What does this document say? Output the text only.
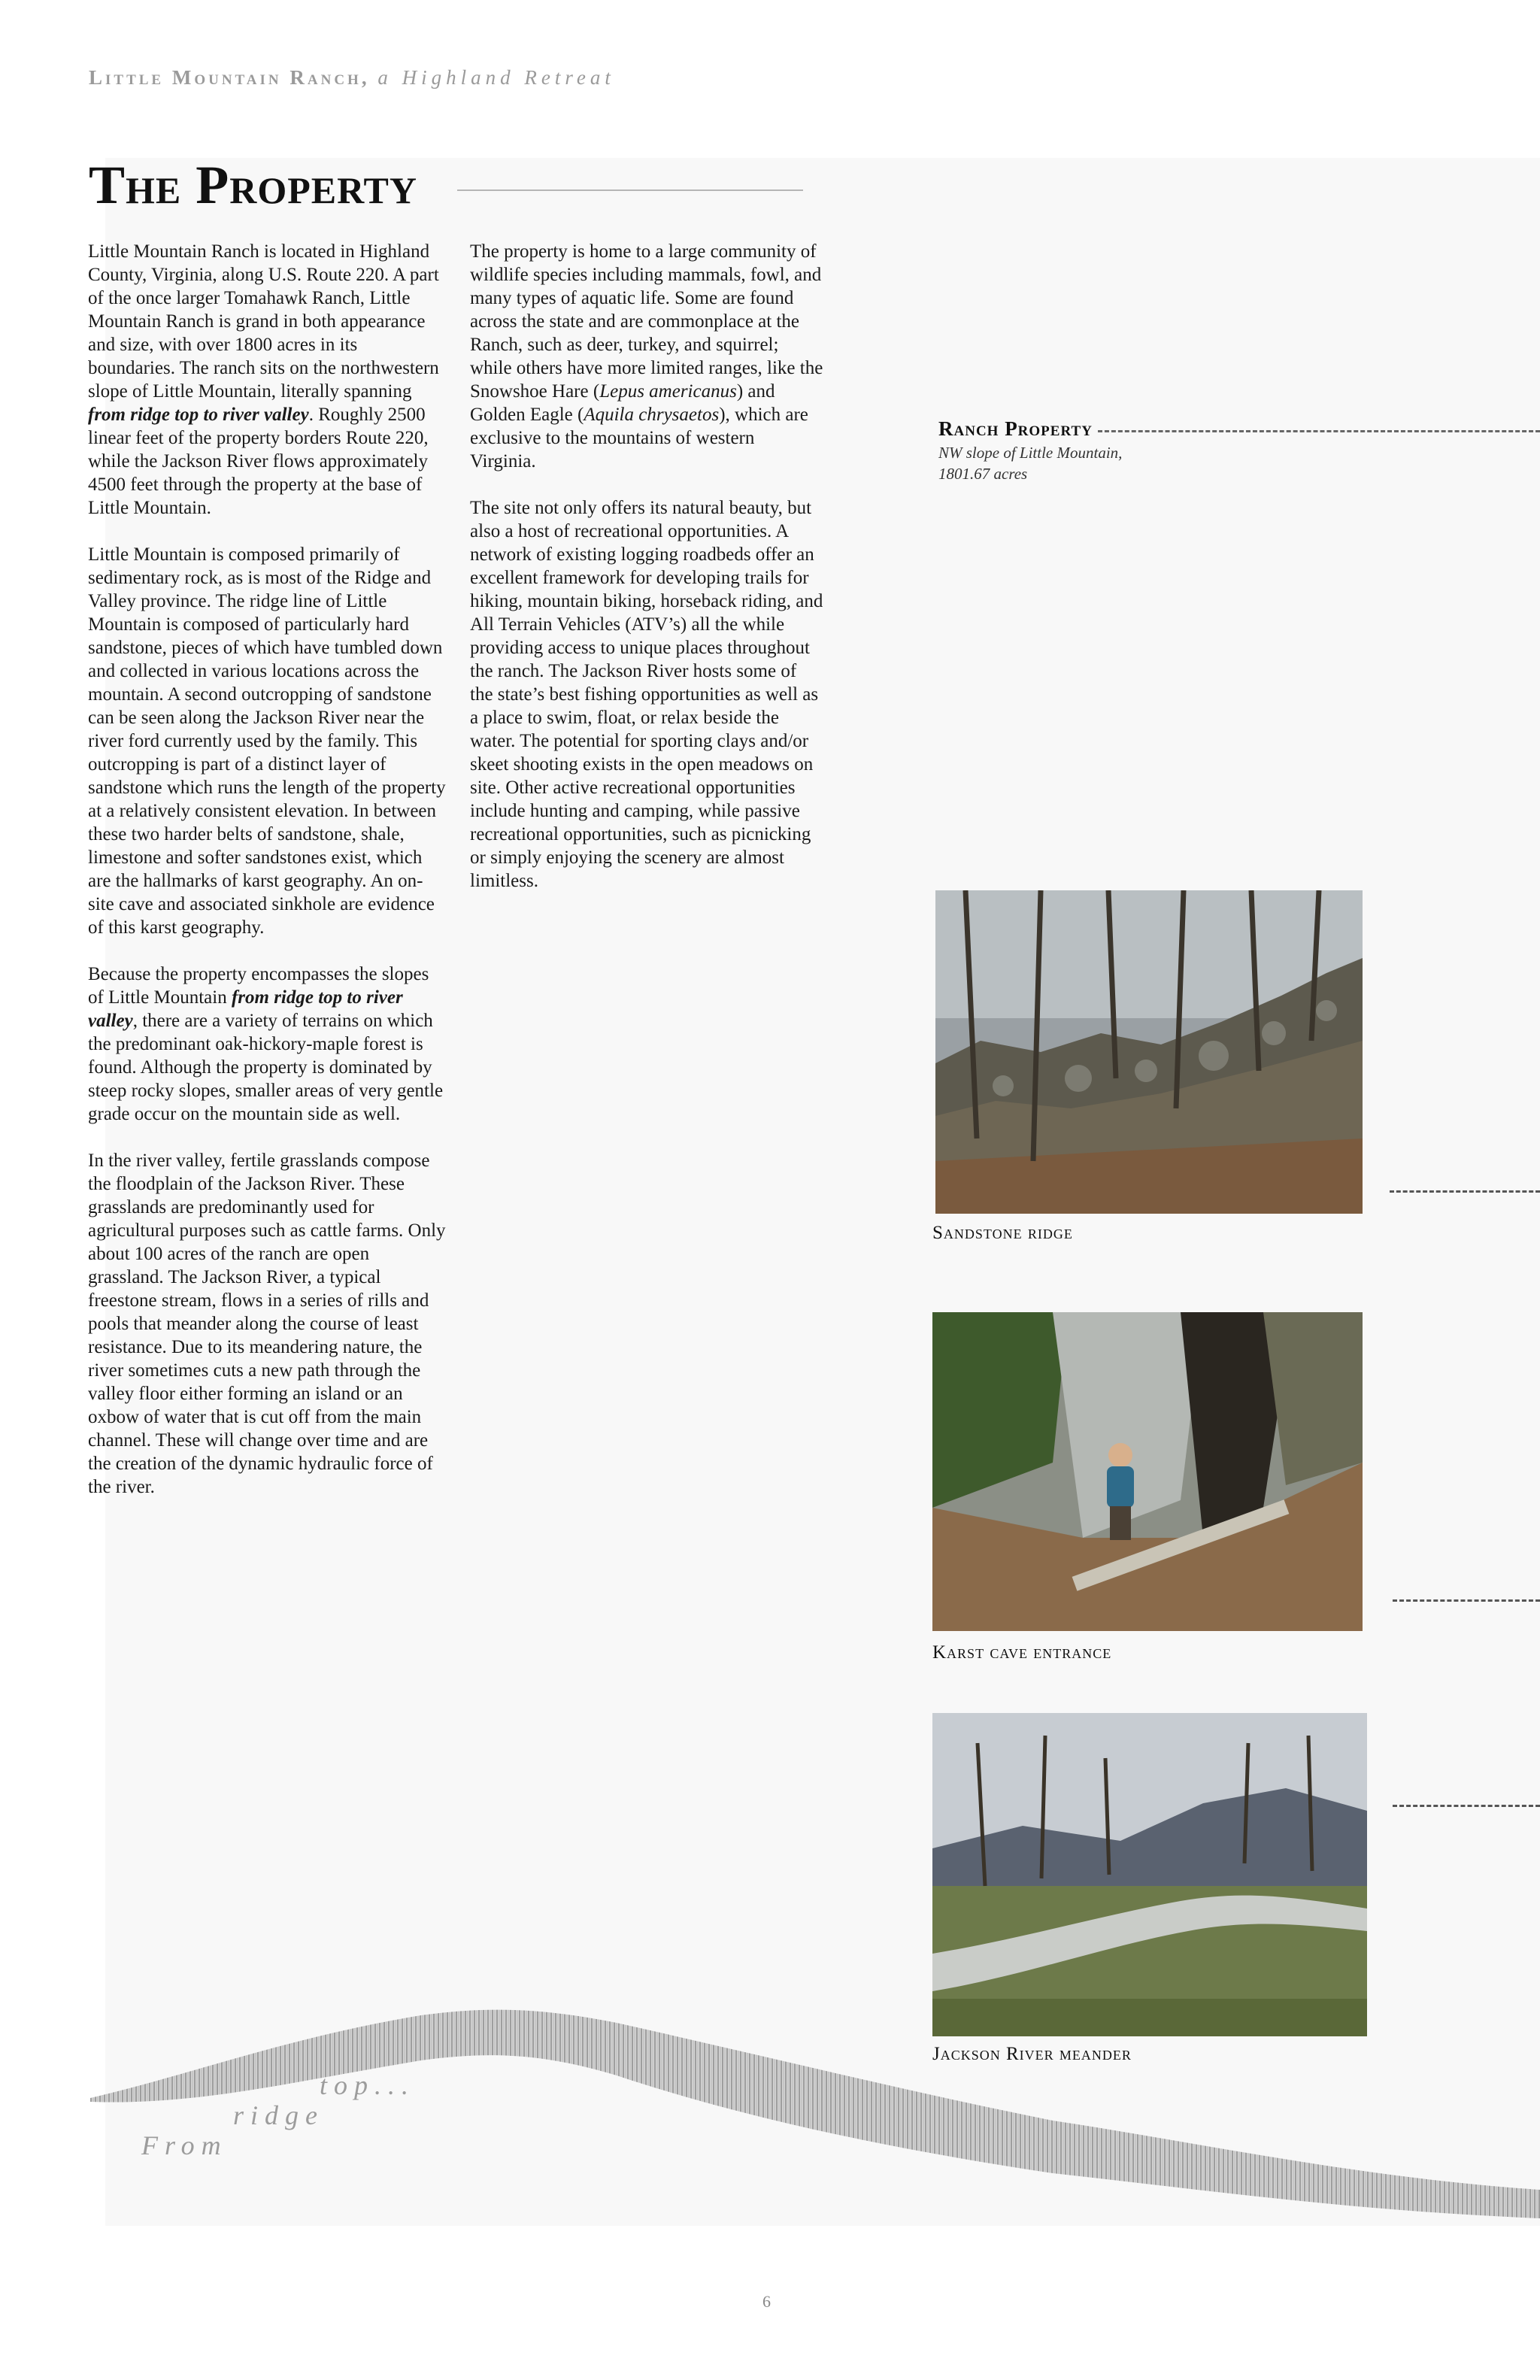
Little Mountain Ranch, a Highland Retreat
The Property

Little Mountain Ranch is located in Highland County, Virginia, along U.S. Route 220. A part of the once larger Tomahawk Ranch, Little Mountain Ranch is grand in both appearance and size, with over 1800 acres in its boundaries. The ranch sits on the northwestern slope of Little Mountain, literally spanning from ridge top to river valley. Roughly 2500 linear feet of the property borders Route 220, while the Jackson River flows approximately 4500 feet through the property at the base of Little Mountain.

Little Mountain is composed primarily of sedimentary rock, as is most of the Ridge and Valley province. The ridge line of Little Mountain is composed of particularly hard sandstone, pieces of which have tumbled down and collected in various locations across the mountain. A second outcropping of sandstone can be seen along the Jackson River near the river ford currently used by the family. This outcropping is part of a distinct layer of sandstone which runs the length of the property at a relatively consistent elevation. In between these two harder belts of sandstone, shale, limestone and softer sandstones exist, which are the hallmarks of karst geography. An on-site cave and associated sinkhole are evidence of this karst geography.

Because the property encompasses the slopes of Little Mountain from ridge top to river valley, there are a variety of terrains on which the predominant oak-hickory-maple forest is found. Although the property is dominated by steep rocky slopes, smaller areas of very gentle grade occur on the mountain side as well.

In the river valley, fertile grasslands compose the floodplain of the Jackson River. These grasslands are predominantly used for agricultural purposes such as cattle farms. Only about 100 acres of the ranch are open grassland. The Jackson River, a typical freestone stream, flows in a series of rills and pools that meander along the course of least resistance. Due to its meandering nature, the river sometimes cuts a new path through the valley floor either forming an island or an oxbow of water that is cut off from the main channel. These will change over time and are the creation of the dynamic hydraulic force of the river.

The property is home to a large community of wildlife species including mammals, fowl, and many types of aquatic life. Some are found across the state and are commonplace at the Ranch, such as deer, turkey, and squirrel; while others have more limited ranges, like the Snowshoe Hare (Lepus americanus) and Golden Eagle (Aquila chrysaetos), which are exclusive to the mountains of western Virginia.

The site not only offers its natural beauty, but also a host of recreational opportunities. A network of existing logging roadbeds offer an excellent framework for developing trails for hiking, mountain biking, horseback riding, and All Terrain Vehicles (ATV’s) all the while providing access to unique places throughout the ranch. The Jackson River hosts some of the state’s best fishing opportunities as well as a place to swim, float, or relax beside the water. The potential for sporting clays and/or skeet shooting exists in the open meadows on site. Other active recreational opportunities include hunting and camping, while passive recreational opportunities, such as picnicking or simply enjoying the scenery are almost limitless.

Ranch Property
NW slope of Little Mountain,
1801.67 acres
Sandstone ridge
Karst cave entrance
Jackson River meander
From
ridge
top...
6
